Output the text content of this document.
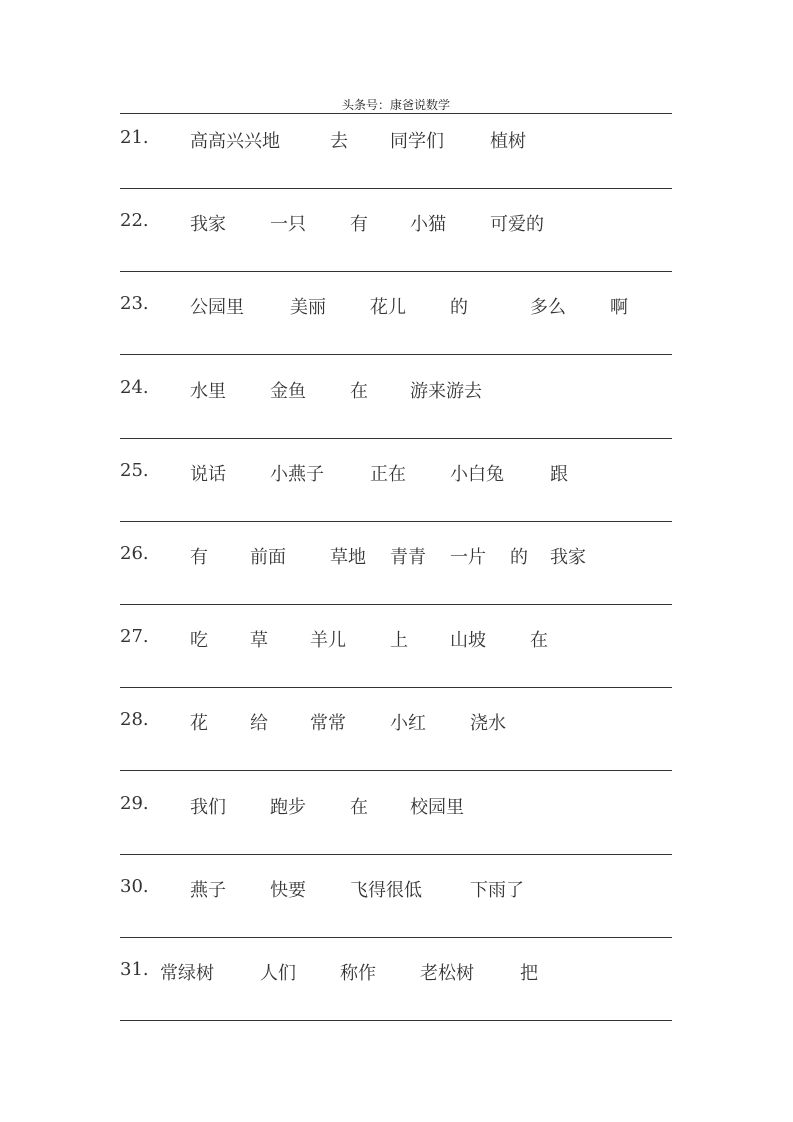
头条号：康爸说数学
21. 高高兴兴地	去 同学们	植树
22. 我家 一只 有 小猫 可爱的
23. 公园里	美丽 花儿 的	多么 啊
24. 水里 金鱼 在 游来游去
25. 说话 小燕子	正在 小白兔	跟
26. 有 前面 草地 青青 一片 的 我家
27. 吃 草 羊儿 上 山坡 在
28. 花 给 常常 小红 浇水
29. 我们 跑步 在 校园里
30. 燕子 快要 飞得很低	下雨了
31. 常绿树	人们 称作 老松树	把
